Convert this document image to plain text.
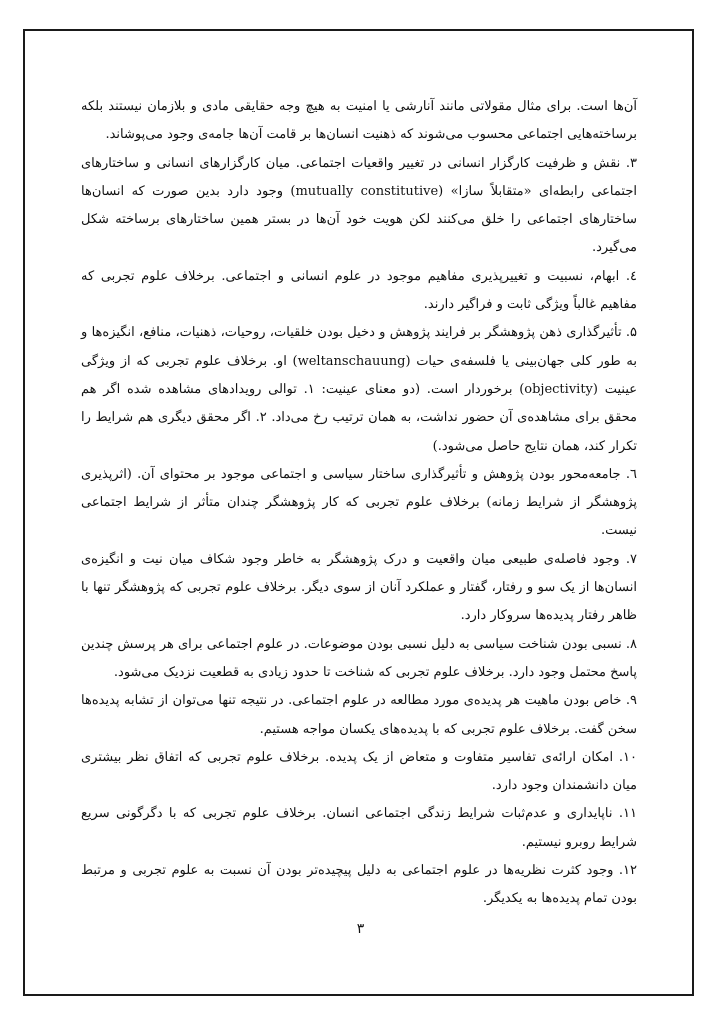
آن‌ها است. برای مثال مقولاتی مانند آنارشی یا امنیت به هیچ وجه حقایقی مادی و بلازمان نیستند بلکه برساخته‌هایی اجتماعی محسوب می‌شوند که ذهنیت انسان‌ها بر قامت آن‌ها جامه‌ی وجود می‌پوشاند.

۳. نقش و ظرفیت کارگزار انسانی در تغییر واقعیات اجتماعی. میان کارگزارهای انسانی و ساختارهای اجتماعی رابطه‌ای «متقابلاً سازا» (mutually constitutive) وجود دارد بدین صورت که انسان‌ها ساختارهای اجتماعی را خلق می‌کنند لکن هویت خود آن‌ها در بستر همین ساختارهای برساخته شکل می‌گیرد.

٤. ابهام، نسبیت و تغییرپذیری مفاهیم موجود در علوم انسانی و اجتماعی. برخلاف علوم تجربی که مفاهیم غالباً ویژگی ثابت و فراگیر دارند.

۵. تأثیرگذاری ذهن پژوهشگر بر فرایند پژوهش و دخیل بودن خلقیات، روحیات، ذهنیات، منافع، انگیزه‌ها و به طور کلی جهان‌بینی یا فلسفه‌ی حیات (weltanschauung) او. برخلاف علوم تجربی که از ویژگی عینیت (objectivity) برخوردار است. (دو معنای عینیت: ۱. توالی رویدادهای مشاهده شده اگر هم محقق برای مشاهده‌ی آن حضور نداشت، به همان ترتیب رخ می‌داد. ۲. اگر محقق دیگری هم شرایط را تکرار کند، همان نتایج حاصل می‌شود.)

٦. جامعه‌محور بودن پژوهش و تأثیرگذاری ساختار سیاسی و اجتماعی موجود بر محتوای آن. (اثرپذیری پژوهشگر از شرایط زمانه) برخلاف علوم تجربی که کار پژوهشگر چندان متأثر از شرایط اجتماعی نیست.

۷. وجود فاصله‌ی طبیعی میان واقعیت و درک پژوهشگر به خاطر وجود شکاف میان نیت و انگیزه‌ی انسان‌ها از یک سو و رفتار، گفتار و عملکرد آنان از سوی دیگر. برخلاف علوم تجربی که پژوهشگر تنها با ظاهر رفتار پدیده‌ها سروکار دارد.

۸. نسبی بودن شناخت سیاسی به دلیل نسبی بودن موضوعات. در علوم اجتماعی برای هر پرسش چندین پاسخ محتمل وجود دارد. برخلاف علوم تجربی که شناخت تا حدود زیادی به قطعیت نزدیک می‌شود.

۹. خاص بودن ماهیت هر پدیده‌ی مورد مطالعه در علوم اجتماعی. در نتیجه تنها می‌توان از تشابه پدیده‌ها سخن گفت. برخلاف علوم تجربی که با پدیده‌های یکسان مواجه هستیم.

۱۰. امکان ارائه‌ی تفاسیر متفاوت و متعاض از یک پدیده. برخلاف علوم تجربی که اتفاق نظر بیشتری میان دانشمندان وجود دارد.

۱۱. ناپایداری و عدم‌ثبات شرایط زندگی اجتماعی انسان. برخلاف علوم تجربی که با دگرگونی سریع شرایط روبرو نیستیم.

۱۲. وجود کثرت نظریه‌ها در علوم اجتماعی به دلیل پیچیده‌تر بودن آن نسبت به علوم تجربی و مرتبط بودن تمام پدیده‌ها به یکدیگر.

۳
